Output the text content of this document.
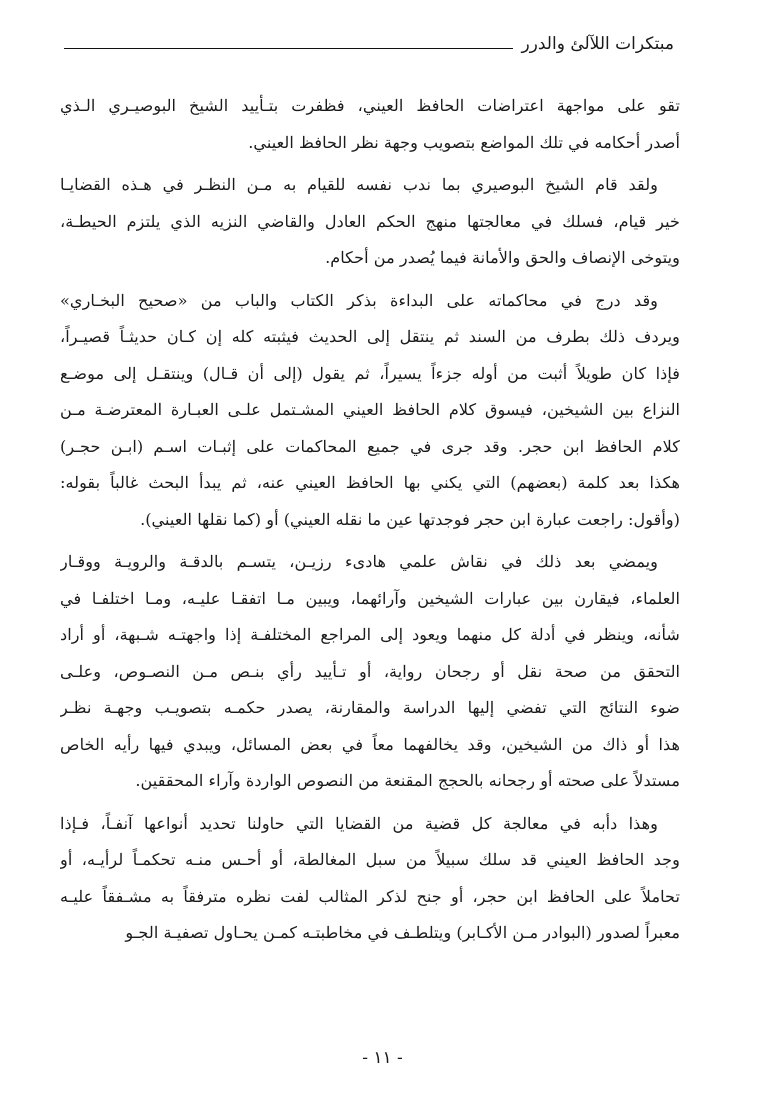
مبتكرات اللآلئ والدرر
تقو على مواجهة اعتراضات الحافظ العيني، فظفرت بتـأييد الشيخ البوصيـري الـذي
أصدر أحكامه في تلك المواضع بتصويب وجهة نظر الحافظ العيني.
ولقد قام الشيخ البوصيري بما ندب نفسه للقيام به مـن النظـر في هـذه القضايـا
خير قيام، فسلك في معالجتها منهج الحكم العادل والقاضي النزيه الذي يلتزم الحيطـة،
ويتوخى الإنصاف والحق والأمانة فيما يُصدر من أحكام.
وقد درج في محاكماته على البداءة بذكر الكتاب والباب من «صحيح البخـاري»
ويردف ذلك بطرف من السند ثم ينتقل إلى الحديث فيثبته كله إن كـان حديثـاً قصيـراً،
فإذا كان طويلاً أثبت من أوله جزءاً يسيراً، ثم يقول (إلى أن قـال) وينتقـل إلى موضـع
النزاع بين الشيخين، فيسوق كلام الحافظ العيني المشـتمل علـى العبـارة المعترضـة مـن
كلام الحافظ ابن حجر. وقد جرى في جميع المحاكمات على إثبـات اسـم (ابـن حجـر)
هكذا بعد كلمة (بعضهم) التي يكني بها الحافظ العيني عنه، ثم يبدأ البحث غالباً بقوله:
(وأقول: راجعت عبارة ابن حجر فوجدتها عين ما نقله العيني) أو (كما نقلها العيني).
ويمضي بعد ذلك في نقاش علمي هادىء رزيـن، يتسـم بالدقـة والرويـة ووقـار
العلماء، فيقارن بين عبارات الشيخين وآرائهما، ويبين مـا اتفقـا عليـه، ومـا اختلفـا في
شأنه، وينظر في أدلة كل منهما ويعود إلى المراجع المختلفـة إذا واجهتـه شـبهة، أو أراد
التحقق من صحة نقل أو رجحان رواية، أو تـأييد رأي بنـص مـن النصـوص، وعلـى
ضوء النتائج التي تفضي إليها الدراسة والمقارنة، يصدر حكمـه بتصويـب وجهـة نظـر
هذا أو ذاك من الشيخين، وقد يخالفهما معاً في بعض المسائل، ويبدي فيها رأيه الخاص
مستدلاً على صحته أو رجحانه بالحجج المقنعة من النصوص الواردة وآراء المحققين.
وهذا دأبه في معالجة كل قضية من القضايا التي حاولنا تحديد أنواعها آنفـاً، فـإذا
وجد الحافظ العيني قد سلك سبيلاً من سبل المغالطة، أو أحـس منـه تحكمـاً لرأيـه، أو
تحاملاً على الحافظ ابن حجر، أو جنح لذكر المثالب لفت نظره مترفقاً به مشـفقاً عليـه
معبراً لصدور (البوادر مـن الأكـابر) ويتلطـف في مخاطبتـه كمـن يحـاول تصفيـة الجـو
- ١١ -
